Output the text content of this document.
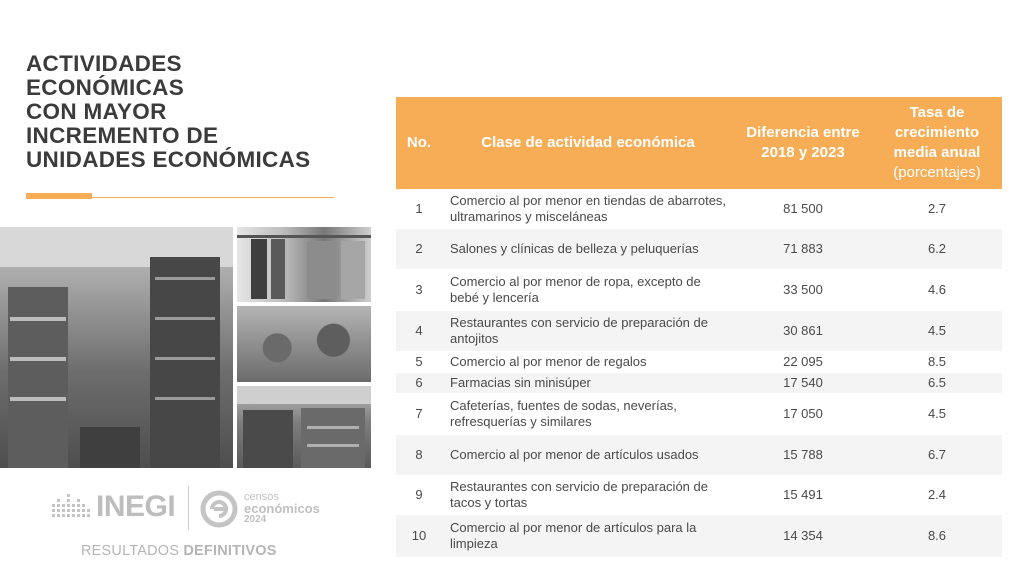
ACTIVIDADES
ECONÓMICAS
CON MAYOR
INCREMENTO DE
UNIDADES ECONÓMICAS
INEGI	censos
económicos
2024
RESULTADOS DEFINITIVOS
No.	Clase de actividad económica	Diferencia entre 2018 y 2023	Tasa de crecimiento media anual
(porcentajes)

1	Comercio al por menor en tiendas de abarrotes, ultramarinos y misceláneas	81 500	2.7
2	Salones y clínicas de belleza y peluquerías	71 883	6.2
3	Comercio al por menor de ropa, excepto de bebé y lencería	33 500	4.6
4	Restaurantes con servicio de preparación de antojitos	30 861	4.5
5	Comercio al por menor de regalos	22 095	8.5
6	Farmacias sin minisúper	17 540	6.5
7	Cafeterías, fuentes de sodas, neverías, refresquerías y similares	17 050	4.5
8	Comercio al por menor de artículos usados	15 788	6.7
9	Restaurantes con servicio de preparación de tacos y tortas	15 491	2.4
10	Comercio al por menor de artículos para la limpieza	14 354	8.6
